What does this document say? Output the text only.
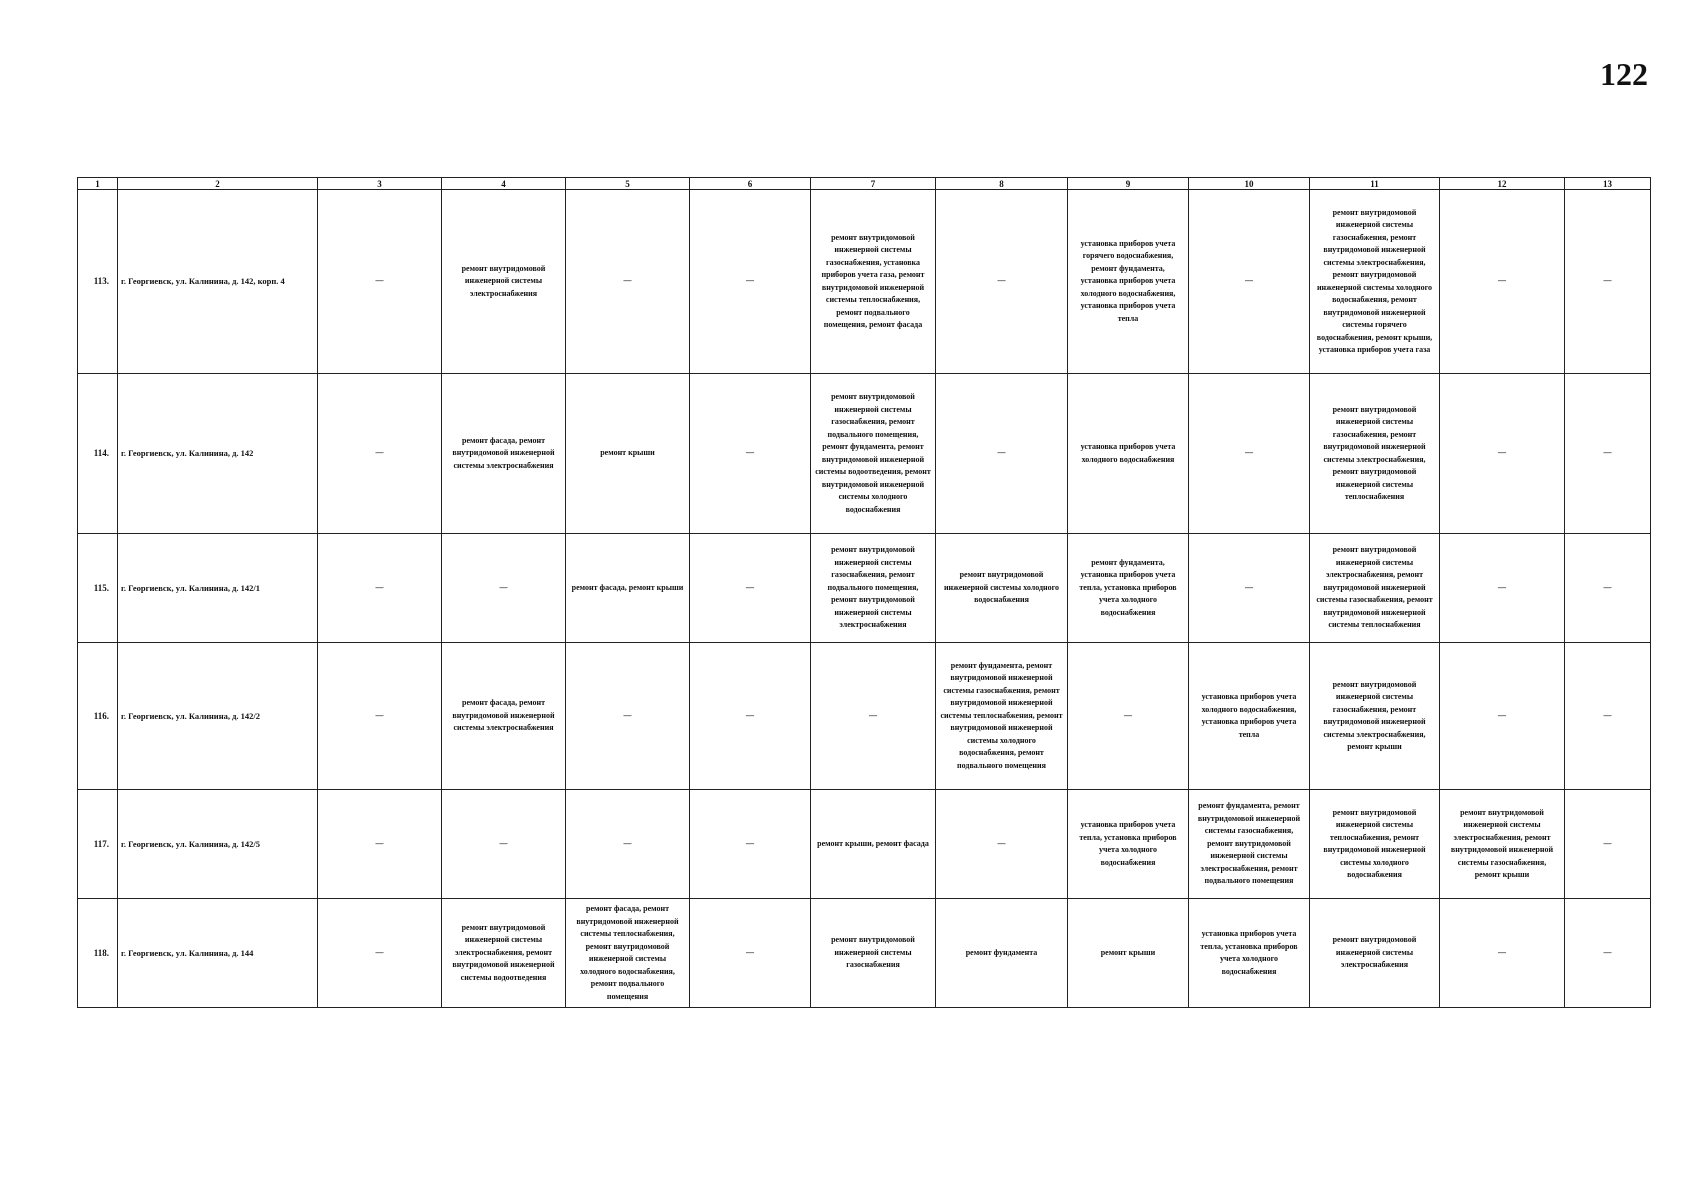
122
1	2	3	4	5	6	7	8	9	10	11	12	13
113.	г. Георгиевск, ул. Калинина, д. 142, корп. 4	—	ремонт внутридомовой инженерной системы электроснабжения	—	—	ремонт внутридомовой инженерной системы газоснабжения, установка приборов учета газа, ремонт внутридомовой инженерной системы теплоснабжения, ремонт подвального помещения, ремонт фасада	—	установка приборов учета горячего водоснабжения, ремонт фундамента, установка приборов учета холодного водоснабжения, установка приборов учета тепла	—	ремонт внутридомовой инженерной системы газоснабжения, ремонт внутридомовой инженерной системы электроснабжения, ремонт внутридомовой инженерной системы холодного водоснабжения, ремонт внутридомовой инженерной системы горячего водоснабжения, ремонт крыши, установка приборов учета газа	—	—
114.	г. Георгиевск, ул. Калинина, д. 142	—	ремонт фасада, ремонт внутридомовой инженерной системы электроснабжения	ремонт крыши	—	ремонт внутридомовой инженерной системы газоснабжения, ремонт подвального помещения, ремонт фундамента, ремонт внутридомовой инженерной системы водоотведения, ремонт внутридомовой инженерной системы холодного водоснабжения	—	установка приборов учета холодного водоснабжения	—	ремонт внутридомовой инженерной системы газоснабжения, ремонт внутридомовой инженерной системы электроснабжения, ремонт внутридомовой инженерной системы теплоснабжения	—	—
115.	г. Георгиевск, ул. Калинина, д. 142/1	—	—	ремонт фасада, ремонт крыши	—	ремонт внутридомовой инженерной системы газоснабжения, ремонт подвального помещения, ремонт внутридомовой инженерной системы электроснабжения	ремонт внутридомовой инженерной системы холодного водоснабжения	ремонт фундамента, установка приборов учета тепла, установка приборов учета холодного водоснабжения	—	ремонт внутридомовой инженерной системы электроснабжения, ремонт внутридомовой инженерной системы газоснабжения, ремонт внутридомовой инженерной системы теплоснабжения	—	—
116.	г. Георгиевск, ул. Калинина, д. 142/2	—	ремонт фасада, ремонт внутридомовой инженерной системы электроснабжения	—	—	—	ремонт фундамента, ремонт внутридомовой инженерной системы газоснабжения, ремонт внутридомовой инженерной системы теплоснабжения, ремонт внутридомовой инженерной системы холодного водоснабжения, ремонт подвального помещения	—	установка приборов учета холодного водоснабжения, установка приборов учета тепла	ремонт внутридомовой инженерной системы газоснабжения, ремонт внутридомовой инженерной системы электроснабжения, ремонт крыши	—	—
117.	г. Георгиевск, ул. Калинина, д. 142/5	—	—	—	—	ремонт крыши, ремонт фасада	—	установка приборов учета тепла, установка приборов учета холодного водоснабжения	ремонт фундамента, ремонт внутридомовой инженерной системы газоснабжения, ремонт внутридомовой инженерной системы электроснабжения, ремонт подвального помещения	ремонт внутридомовой инженерной системы теплоснабжения, ремонт внутридомовой инженерной системы холодного водоснабжения	ремонт внутридомовой инженерной системы электроснабжения, ремонт внутридомовой инженерной системы газоснабжения, ремонт крыши	—
118.	г. Георгиевск, ул. Калинина, д. 144	—	ремонт внутридомовой инженерной системы электроснабжения, ремонт внутридомовой инженерной системы водоотведения	ремонт фасада, ремонт внутридомовой инженерной системы теплоснабжения, ремонт внутридомовой инженерной системы холодного водоснабжения, ремонт подвального помещения	—	ремонт внутридомовой инженерной системы газоснабжения	ремонт фундамента	ремонт крыши	установка приборов учета тепла, установка приборов учета холодного водоснабжения	ремонт внутридомовой инженерной системы электроснабжения	—	—
